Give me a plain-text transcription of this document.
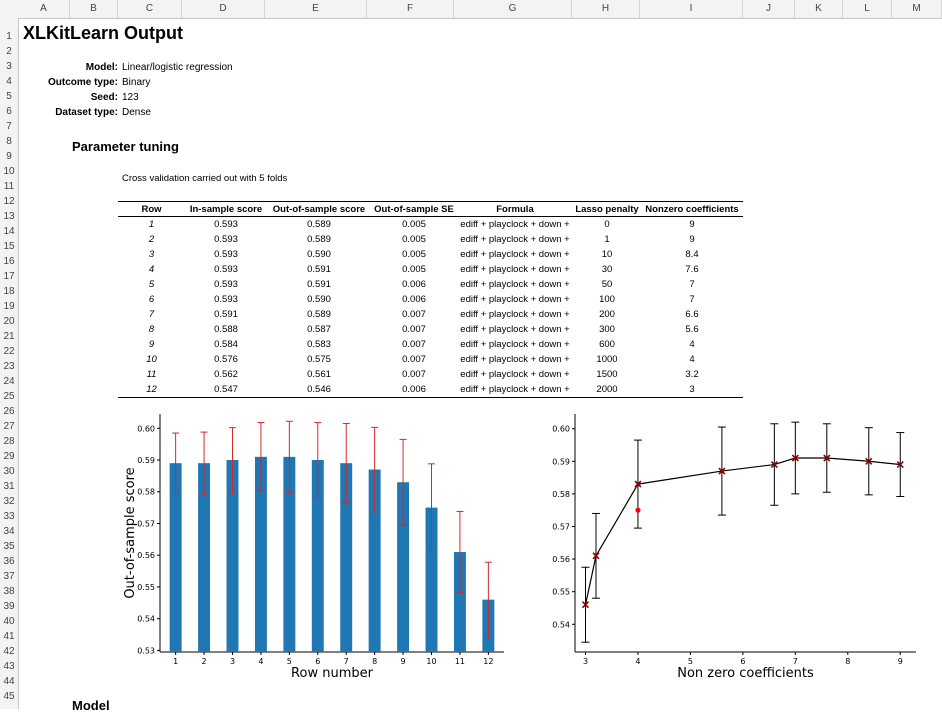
A	B	C	D	E	F	G	H	I	J	K	L	M
1
2
3
4
5
6
7
8
9
10
11
12
13
14
15
16
17
18
19
20
21
22
23
24
25
26
27
28
29
30
31
32
33
34
35
36
37
38
39
40
41
42
43
44
45
XLKitLearn Output
Model: Linear/logistic regression
Outcome type: Binary
Seed: 123
Dataset type: Dense
Parameter tuning
Cross validation carried out with 5 folds
Row	In-sample score	Out-of-sample score	Out-of-sample SE	Formula	Lasso penalty	Nonzero coefficients
1	0.593	0.589	0.005	ediff + playclock + down +	0	9
2	0.593	0.589	0.005	ediff + playclock + down +	1	9
3	0.593	0.590	0.005	ediff + playclock + down +	10	8.4
4	0.593	0.591	0.005	ediff + playclock + down +	30	7.6
5	0.593	0.591	0.006	ediff + playclock + down +	50	7
6	0.593	0.590	0.006	ediff + playclock + down +	100	7
7	0.591	0.589	0.007	ediff + playclock + down +	200	6.6
8	0.588	0.587	0.007	ediff + playclock + down +	300	5.6
9	0.584	0.583	0.007	ediff + playclock + down +	600	4
10	0.576	0.575	0.007	ediff + playclock + down +	1000	4
11	0.562	0.561	0.007	ediff + playclock + down +	1500	3.2
12	0.547	0.546	0.006	ediff + playclock + down +	2000	3
0.53
0.54
0.55
0.56
0.57
0.58
0.59
0.60
1	2	3	4	5	6	7	8	9	10 11 12
Row number
Out-of-sample score
0.54
0.55
0.56
0.57
0.58
0.59
0.60
3	4	5	6	7	8	9
Non zero coefficients
Model
